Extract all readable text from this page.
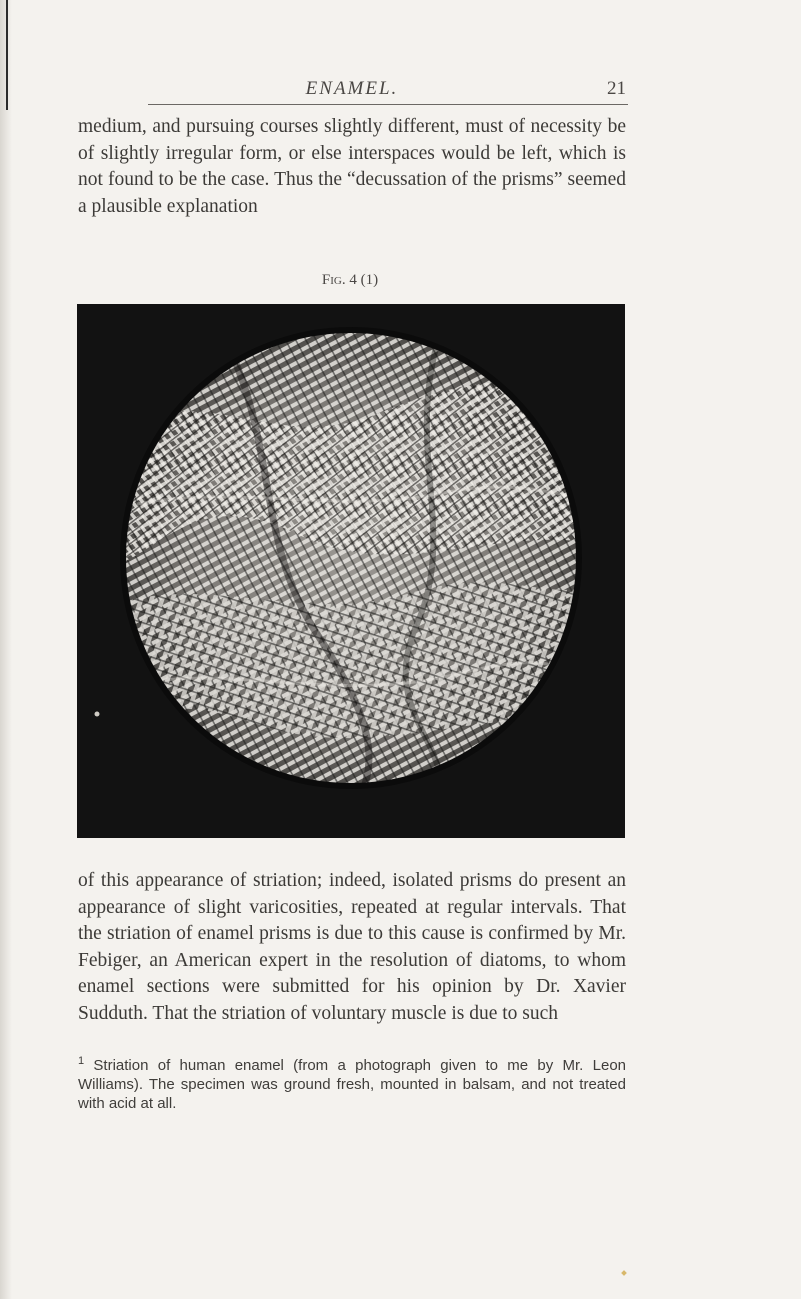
ENAMEL.	21

medium, and pursuing courses slightly different, must of necessity be of slightly irregular form, or else interspaces would be left, which is not found to be the case. Thus the “decussation of the prisms” seemed a plausible explanation

Fig. 4 (1)

of this appearance of striation; indeed, isolated prisms do present an appearance of slight varicosities, repeated at regular intervals. That the striation of enamel prisms is due to this cause is confirmed by Mr. Febiger, an American expert in the resolution of diatoms, to whom enamel sections were submitted for his opinion by Dr. Xavier Sudduth. That the striation of voluntary muscle is due to such

$^1$ Striation of human enamel (from a photograph given to me by Mr. Leon Williams). The specimen was ground fresh, mounted in balsam, and not treated with acid at all.
